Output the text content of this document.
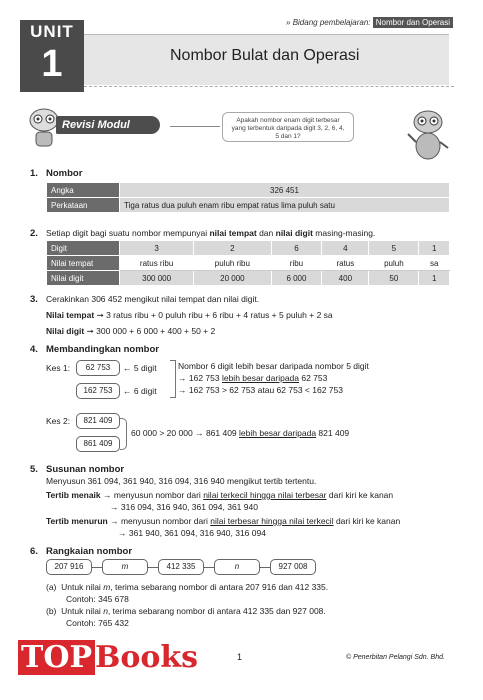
UNIT
1
» Bidang pembelajaran: Nombor dan Operasi
Nombor Bulat dan Operasi
Revisi Modul	Apakah nombor enam digit terbesar yang terbentuk daripada digit 3, 2, 6, 4, 5 dan 1?
1. Nombor
Angka	326 451
Perkataan	Tiga ratus dua puluh enam ribu empat ratus lima puluh satu
2. Setiap digit bagi suatu nombor mempunyai nilai tempat dan nilai digit masing-masing.
Digit	3	2	6	4	5	1
Nilai tempat	ratus ribu	puluh ribu	ribu	ratus	puluh	sa
Nilai digit	300 000	20 000	6 000	400	50	1
3. Cerakinkan 306 452 mengikut nilai tempat dan nilai digit.
Nilai tempat ➞ 3 ratus ribu + 0 puluh ribu + 6 ribu + 4 ratus + 5 puluh + 2 sa
Nilai digit ➞ 300 000 + 6 000 + 400 + 50 + 2
4. Membandingkan nombor
Kes 1:	62 753	← 5 digit
162 753	← 6 digit
Nombor 6 digit lebih besar daripada nombor 5 digit
→ 162 753 lebih besar daripada 62 753
→ 162 753 > 62 753 atau 62 753 < 162 753
Kes 2:	821 409
861 409
60 000 > 20 000 → 861 409 lebih besar daripada 821 409
5. Susunan nombor
Menyusun 361 094, 361 940, 316 094, 316 940 mengikut tertib tertentu.
Tertib menaik → menyusun nombor dari nilai terkecil hingga nilai terbesar dari kiri ke kanan
→ 316 094, 316 940, 361 094, 361 940
Tertib menurun → menyusun nombor dari nilai terbesar hingga nilai terkecil dari kiri ke kanan
→ 361 940, 361 094, 316 940, 316 094
6. Rangkaian nombor
207 916	m	412 335	n	927 008
(a) Untuk nilai m, terima sebarang nombor di antara 207 916 dan 412 335.
Contoh: 345 678
(b) Untuk nilai n, terima sebarang nombor di antara 412 335 dan 927 008.
Contoh: 765 432
TOP Books	1	© Penerbitan Pelangi Sdn. Bhd.
